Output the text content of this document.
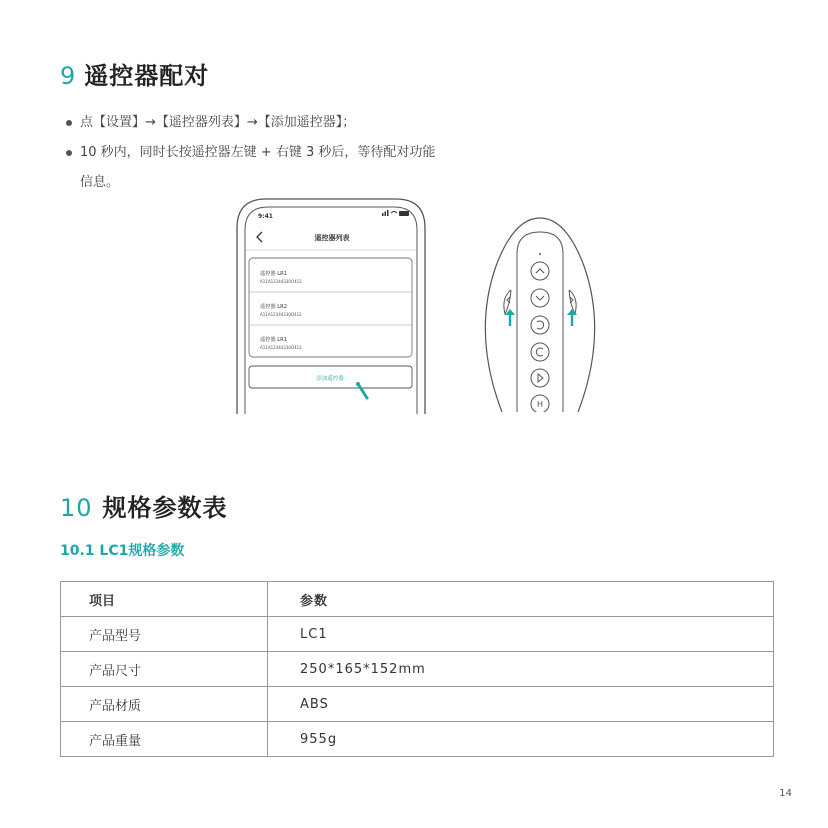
9 遥控器配对
点【设置】→【遥控器列表】→【添加遥控器】；
10 秒内，同时长按遥控器左键 + 右键 3 秒后，等待配对功能
信息。
9:41
遥控器列表
遥控器 LR1
A11A12344330O412
遥控器 LR2
A11A12344330O412
遥控器 LR1
A11A12344330O412
添加遥控器
H
10 规格参数表
10.1 LC1规格参数
项目	参数
产品型号	LC1
产品尺寸	250*165*152mm
产品材质	ABS
产品重量	955g
14
